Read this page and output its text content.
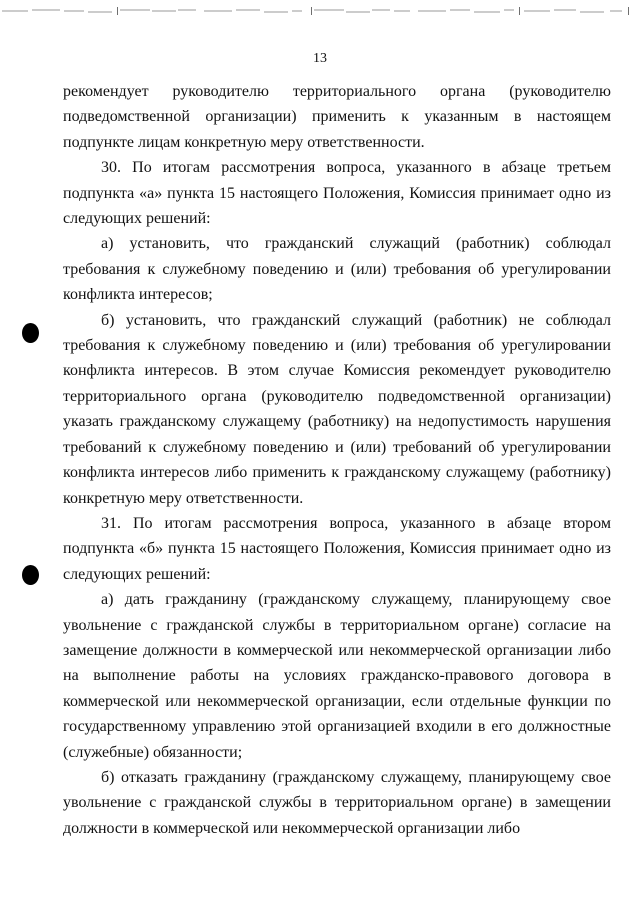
13

рекомендует руководителю территориального органа (руководителю подведомственной организации) применить к указанным в настоящем подпункте лицам конкретную меру ответственности.

30. По итогам рассмотрения вопроса, указанного в абзаце третьем подпункта «а» пункта 15 настоящего Положения, Комиссия принимает одно из следующих решений:

а) установить, что гражданский служащий (работник) соблюдал требования к служебному поведению и (или) требования об урегулировании конфликта интересов;

б) установить, что гражданский служащий (работник) не соблюдал требования к служебному поведению и (или) требования об урегулировании конфликта интересов. В этом случае Комиссия рекомендует руководителю территориального органа (руководителю подведомственной организации) указать гражданскому служащему (работнику) на недопустимость нарушения требований к служебному поведению и (или) требований об урегулировании конфликта интересов либо применить к гражданскому служащему (работнику) конкретную меру ответственности.

31. По итогам рассмотрения вопроса, указанного в абзаце втором подпункта «б» пункта 15 настоящего Положения, Комиссия принимает одно из следующих решений:

а) дать гражданину (гражданскому служащему, планирующему свое увольнение с гражданской службы в территориальном органе) согласие на замещение должности в коммерческой или некоммерческой организации либо на выполнение работы на условиях гражданско-правового договора в коммерческой или некоммерческой организации, если отдельные функции по государственному управлению этой организацией входили в его должностные (служебные) обязанности;

б) отказать гражданину (гражданскому служащему, планирующему свое увольнение с гражданской службы в территориальном органе) в замещении должности в коммерческой или некоммерческой организации либо
